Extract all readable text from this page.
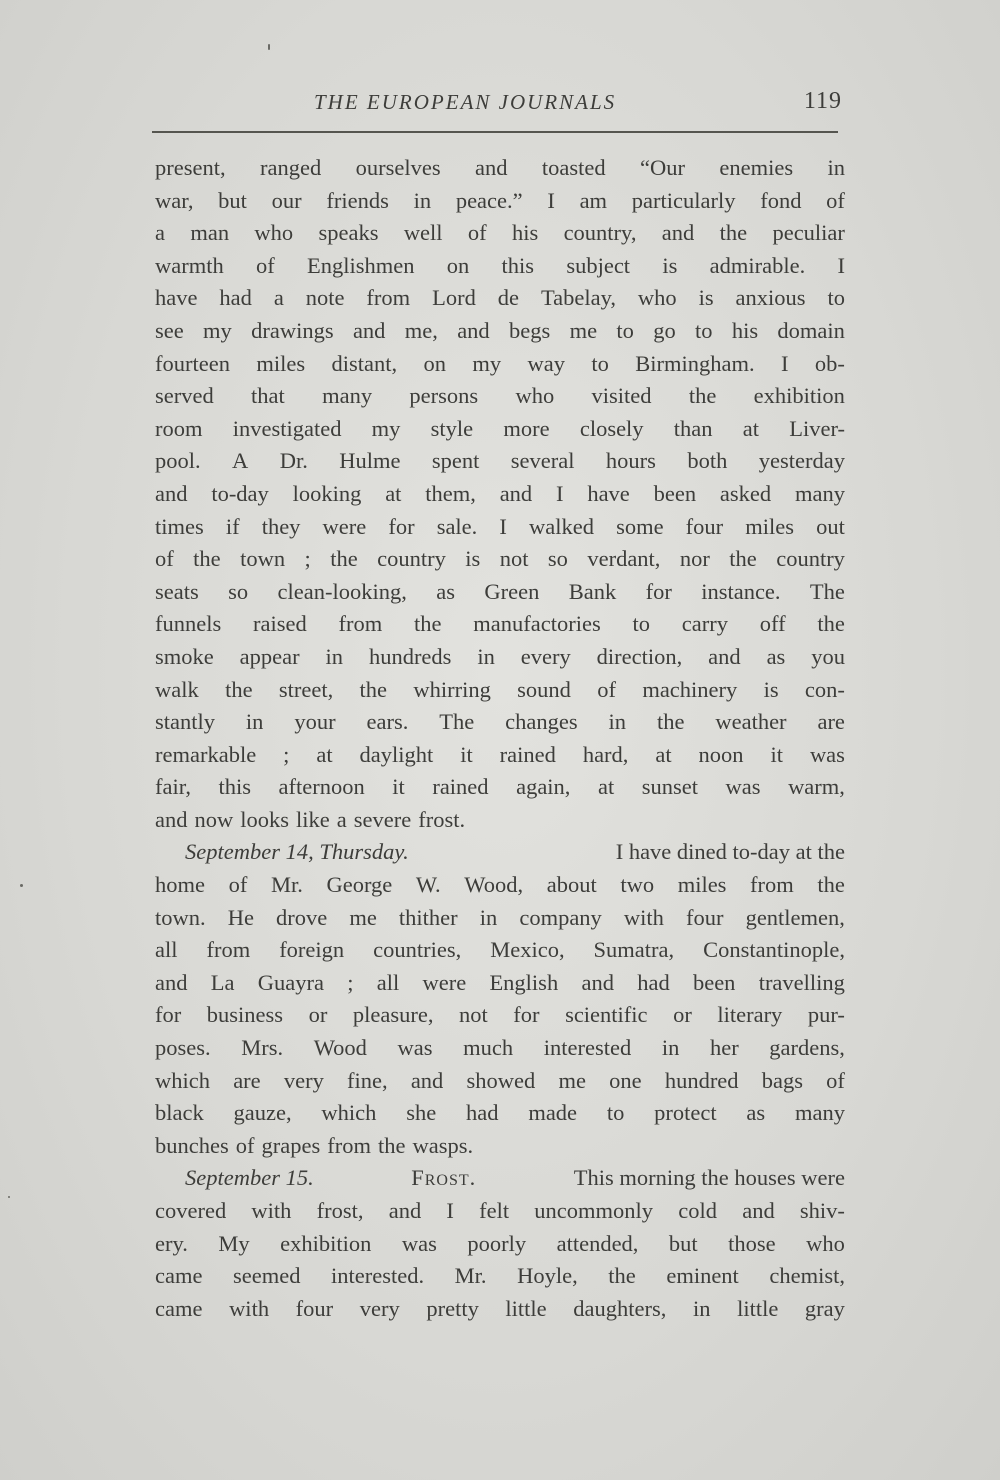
THE EUROPEAN JOURNALS	119
present, ranged ourselves and toasted “Our enemies in
war, but our friends in peace.” I am particularly fond of
a man who speaks well of his country, and the peculiar
warmth of Englishmen on this subject is admirable. I
have had a note from Lord de Tabelay, who is anxious to
see my drawings and me, and begs me to go to his domain
fourteen miles distant, on my way to Birmingham. I ob-
served that many persons who visited the exhibition
room investigated my style more closely than at Liver-
pool. A Dr. Hulme spent several hours both yesterday
and to-day looking at them, and I have been asked many
times if they were for sale. I walked some four miles out
of the town ; the country is not so verdant, nor the country
seats so clean-looking, as Green Bank for instance. The
funnels raised from the manufactories to carry off the
smoke appear in hundreds in every direction, and as you
walk the street, the whirring sound of machinery is con-
stantly in your ears. The changes in the weather are
remarkable ; at daylight it rained hard, at noon it was
fair, this afternoon it rained again, at sunset was warm,
and now looks like a severe frost.
September 14, Thursday.	I have dined to-day at the
home of Mr. George W. Wood, about two miles from the
town. He drove me thither in company with four gentlemen,
all from foreign countries, Mexico, Sumatra, Constantinople,
and La Guayra ; all were English and had been travelling
for business or pleasure, not for scientific or literary pur-
poses. Mrs. Wood was much interested in her gardens,
which are very fine, and showed me one hundred bags of
black gauze, which she had made to protect as many
bunches of grapes from the wasps.
September 15.	Frost.	This morning the houses were
covered with frost, and I felt uncommonly cold and shiv-
ery. My exhibition was poorly attended, but those who
came seemed interested. Mr. Hoyle, the eminent chemist,
came with four very pretty little daughters, in little gray
